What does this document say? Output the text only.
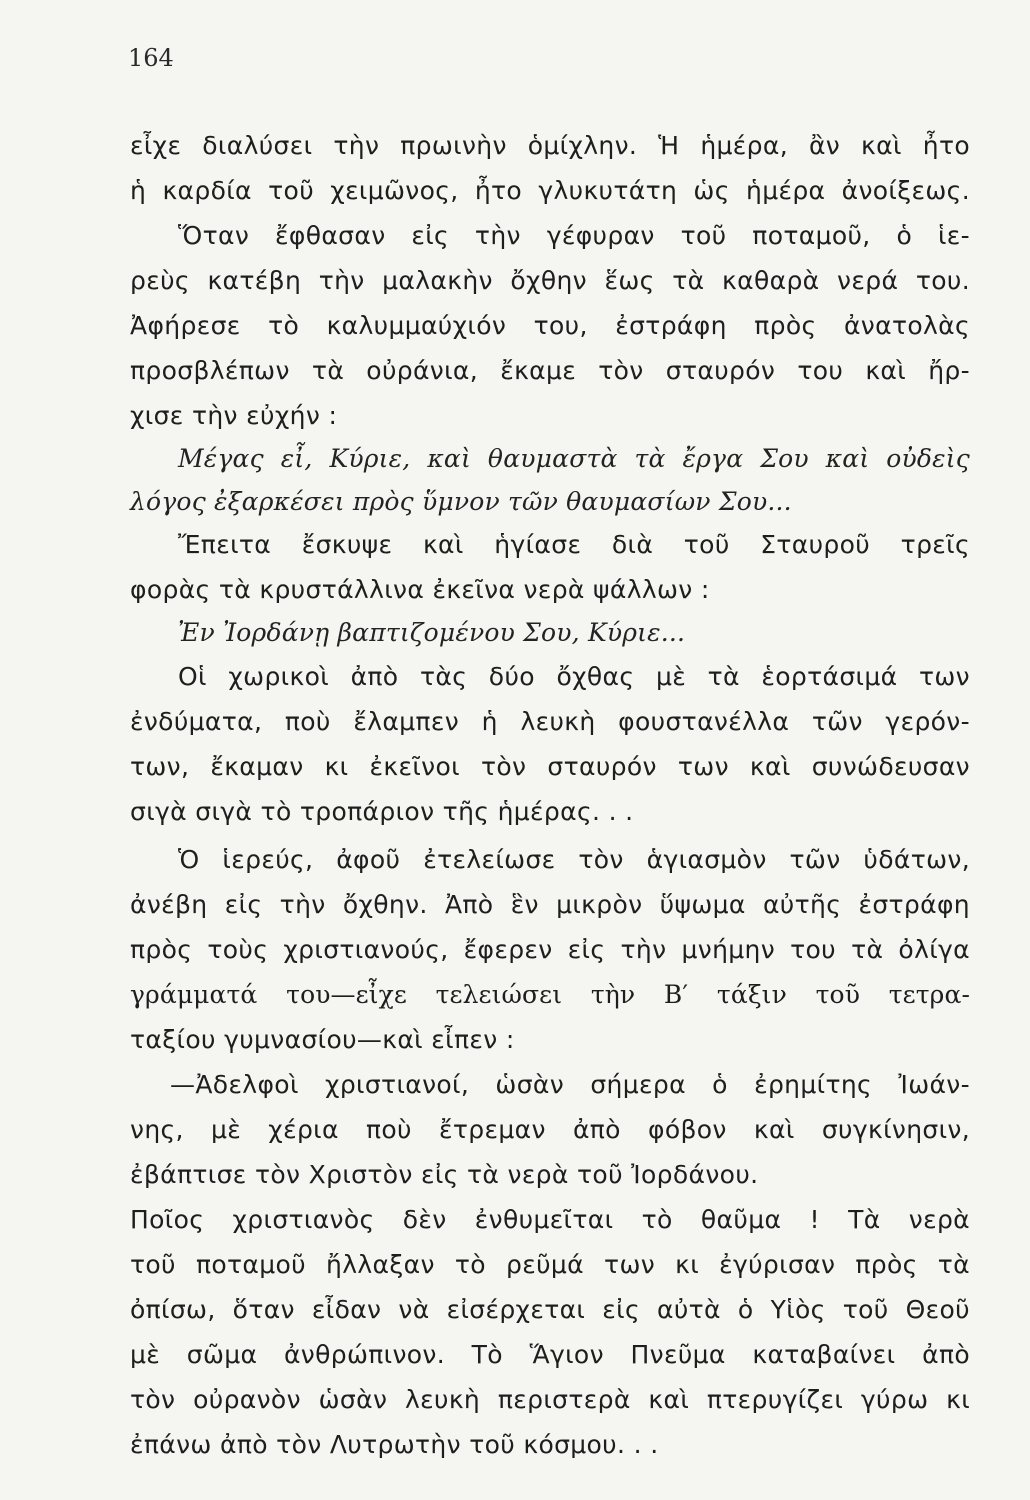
164
εἶχε διαλύσει τὴν πρωινὴν ὁμίχλην. Ἡ ἡμέρα, ἂν καὶ ἦτο
ἡ καρδία τοῦ χειμῶνος, ἦτο γλυκυτάτη ὡς ἡμέρα ἀνοίξεως.
Ὅταν ἔφθασαν εἰς τὴν γέφυραν τοῦ ποταμοῦ, ὁ ἱε-
ρεὺς κατέβη τὴν μαλακὴν ὄχθην ἕως τὰ καθαρὰ νερά του.
Ἀφήρεσε τὸ καλυμμαύχιόν του, ἐστράφη πρὸς ἀνατολὰς
προσβλέπων τὰ οὐράνια, ἔκαμε τὸν σταυρόν του καὶ ἤρ-
χισε τὴν εὐχήν :
Μέγας εἶ, Κύριε, καὶ θαυμαστὰ τὰ ἔργα Σου καὶ οὐδεὶς
λόγος ἐξαρκέσει πρὸς ὕμνον τῶν θαυμασίων Σου...
Ἔπειτα ἔσκυψε καὶ ἡγίασε διὰ τοῦ Σταυροῦ τρεῖς
φορὰς τὰ κρυστάλλινα ἐκεῖνα νερὰ ψάλλων :
Ἐν Ἰορδάνῃ βαπτιζομένου Σου, Κύριε...
Οἱ χωρικοὶ ἀπὸ τὰς δύο ὄχθας μὲ τὰ ἑορτάσιμά των
ἐνδύματα, ποὺ ἔλαμπεν ἡ λευκὴ φουστανέλλα τῶν γερόν-
των, ἔκαμαν κι ἐκεῖνοι τὸν σταυρόν των καὶ συνώδευσαν
σιγὰ σιγὰ τὸ τροπάριον τῆς ἡμέρας. . .
Ὁ ἱερεύς, ἀφοῦ ἐτελείωσε τὸν ἁγιασμὸν τῶν ὑδάτων,
ἀνέβη εἰς τὴν ὄχθην. Ἀπὸ ἓν μικρὸν ὕψωμα αὐτῆς ἐστράφη
πρὸς τοὺς χριστιανούς, ἔφερεν εἰς τὴν μνήμην του τὰ ὀλίγα
γράμματά του—εἶχε τελειώσει τὴν Β′ τάξιν τοῦ τετρα-
ταξίου γυμνασίου—καὶ εἶπεν :
—Ἀδελφοὶ χριστιανοί, ὡσὰν σήμερα ὁ ἐρημίτης Ἰωάν-
νης, μὲ χέρια ποὺ ἔτρεμαν ἀπὸ φόβον καὶ συγκίνησιν,
ἐβάπτισε τὸν Χριστὸν εἰς τὰ νερὰ τοῦ Ἰορδάνου.
Ποῖος χριστιανὸς δὲν ἐνθυμεῖται τὸ θαῦμα ! Τὰ νερὰ
τοῦ ποταμοῦ ἤλλαξαν τὸ ρεῦμά των κι ἐγύρισαν πρὸς τὰ
ὀπίσω, ὅταν εἶδαν νὰ εἰσέρχεται εἰς αὐτὰ ὁ Υἱὸς τοῦ Θεοῦ
μὲ σῶμα ἀνθρώπινον. Τὸ Ἅγιον Πνεῦμα καταβαίνει ἀπὸ
τὸν οὐρανὸν ὡσὰν λευκὴ περιστερὰ καὶ πτερυγίζει γύρω κι
ἐπάνω ἀπὸ τὸν Λυτρωτὴν τοῦ κόσμου. . .
